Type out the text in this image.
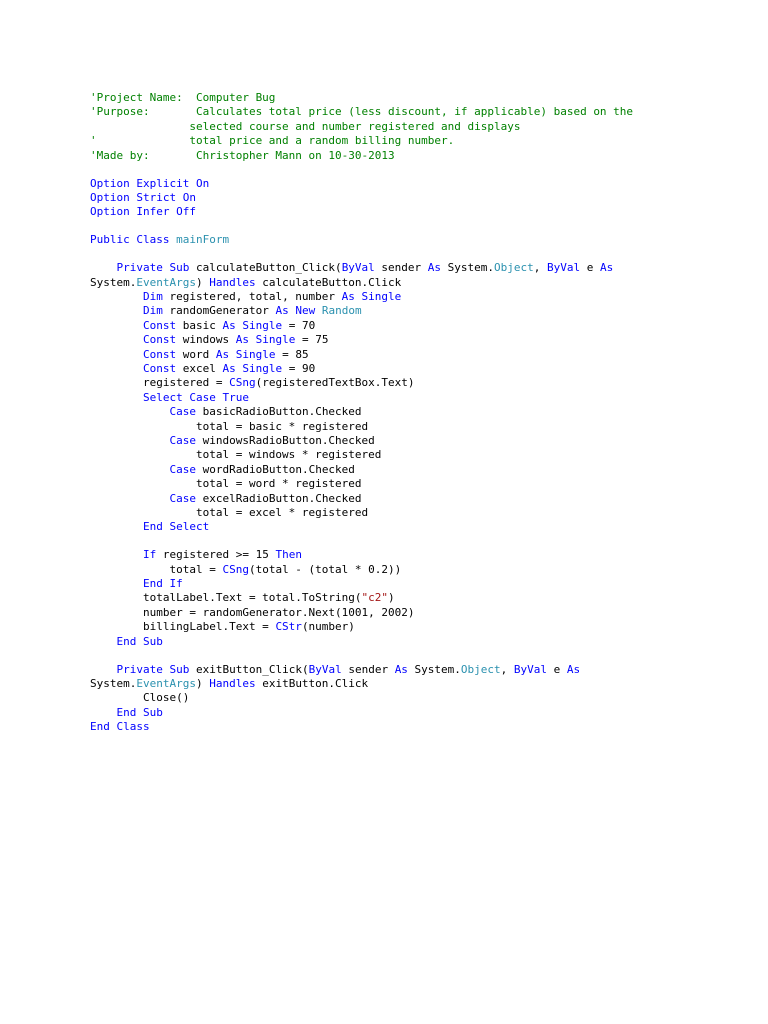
'Project Name:  Computer Bug
'Purpose:       Calculates total price (less discount, if applicable) based on the
selected course and number registered and displays
'              total price and a random billing number.
'Made by:       Christopher Mann on 10-30-2013

Option Explicit On
Option Strict On
Option Infer Off

Public Class mainForm

Private Sub calculateButton_Click(ByVal sender As System.Object, ByVal e As
System.EventArgs) Handles calculateButton.Click
Dim registered, total, number As Single
Dim randomGenerator As New Random
Const basic As Single = 70
Const windows As Single = 75
Const word As Single = 85
Const excel As Single = 90
registered = CSng(registeredTextBox.Text)
Select Case True
Case basicRadioButton.Checked
total = basic * registered
Case windowsRadioButton.Checked
total = windows * registered
Case wordRadioButton.Checked
total = word * registered
Case excelRadioButton.Checked
total = excel * registered
End Select

If registered >= 15 Then
total = CSng(total - (total * 0.2))
End If
totalLabel.Text = total.ToString("c2")
number = randomGenerator.Next(1001, 2002)
billingLabel.Text = CStr(number)
End Sub

Private Sub exitButton_Click(ByVal sender As System.Object, ByVal e As
System.EventArgs) Handles exitButton.Click
Close()
End Sub
End Class
